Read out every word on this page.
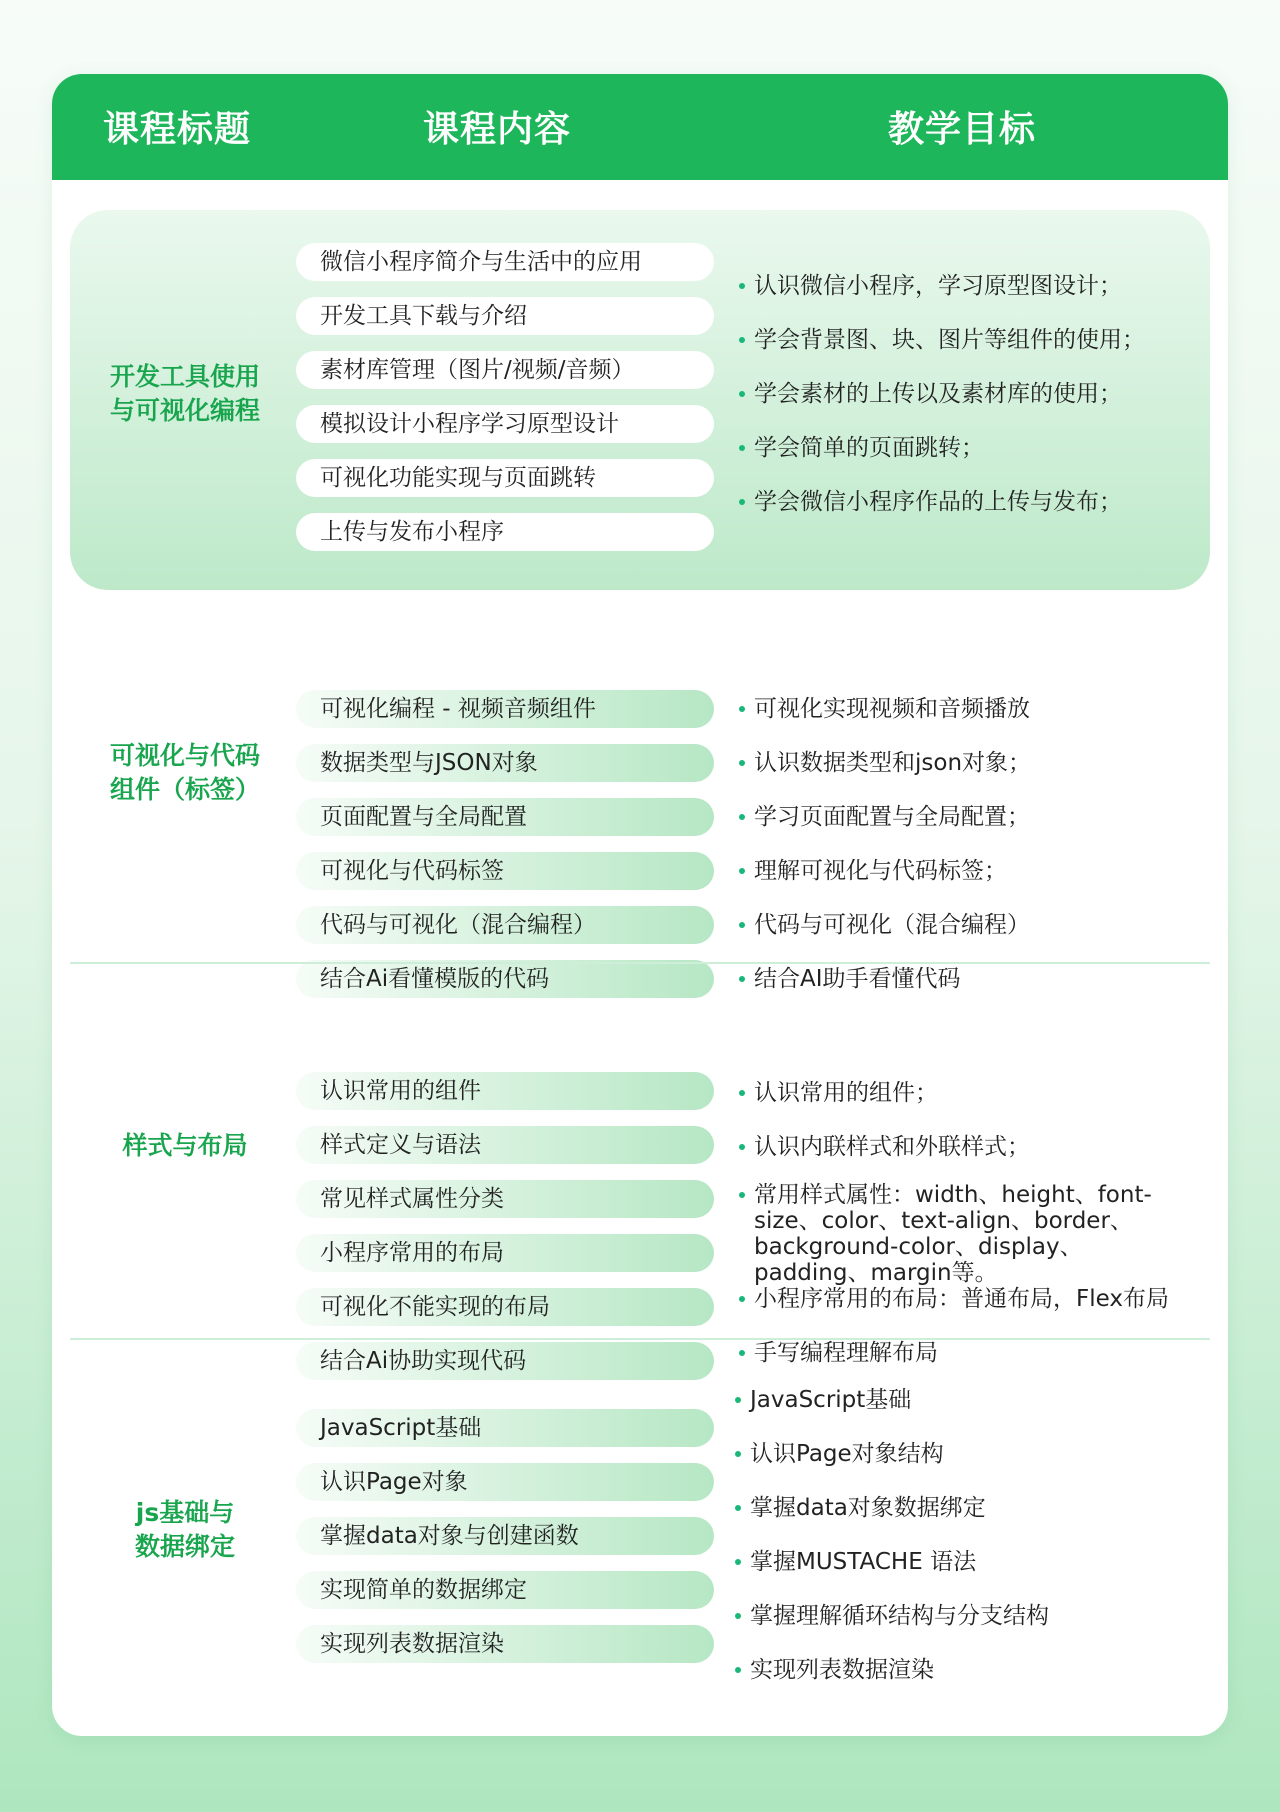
课程标题	课程内容	教学目标
开发工具使用
与可视化编程
微信小程序简介与生活中的应用
开发工具下载与介绍
素材库管理（图片/视频/音频）
模拟设计小程序学习原型设计
可视化功能实现与页面跳转
上传与发布小程序
认识微信小程序，学习原型图设计；
学会背景图、块、图片等组件的使用；
学会素材的上传以及素材库的使用；
学会简单的页面跳转；
学会微信小程序作品的上传与发布；
可视化与代码
组件（标签）
可视化编程 - 视频音频组件
数据类型与JSON对象
页面配置与全局配置
可视化与代码标签
代码与可视化（混合编程）
结合Ai看懂模版的代码
可视化实现视频和音频播放
认识数据类型和json对象；
学习页面配置与全局配置；
理解可视化与代码标签；
代码与可视化（混合编程）
结合AI助手看懂代码
样式与布局
认识常用的组件
样式定义与语法
常见样式属性分类
小程序常用的布局
可视化不能实现的布局
结合Ai协助实现代码
认识常用的组件；
认识内联样式和外联样式；
常用样式属性：width、height、font-size、color、text-align、border、background-color、display、padding、margin等。
小程序常用的布局：普通布局，Flex布局
手写编程理解布局
js基础与
数据绑定
JavaScript基础
认识Page对象
掌握data对象与创建函数
实现简单的数据绑定
实现列表数据渲染
JavaScript基础
认识Page对象结构
掌握data对象数据绑定
掌握MUSTACHE 语法
掌握理解循环结构与分支结构
实现列表数据渲染
